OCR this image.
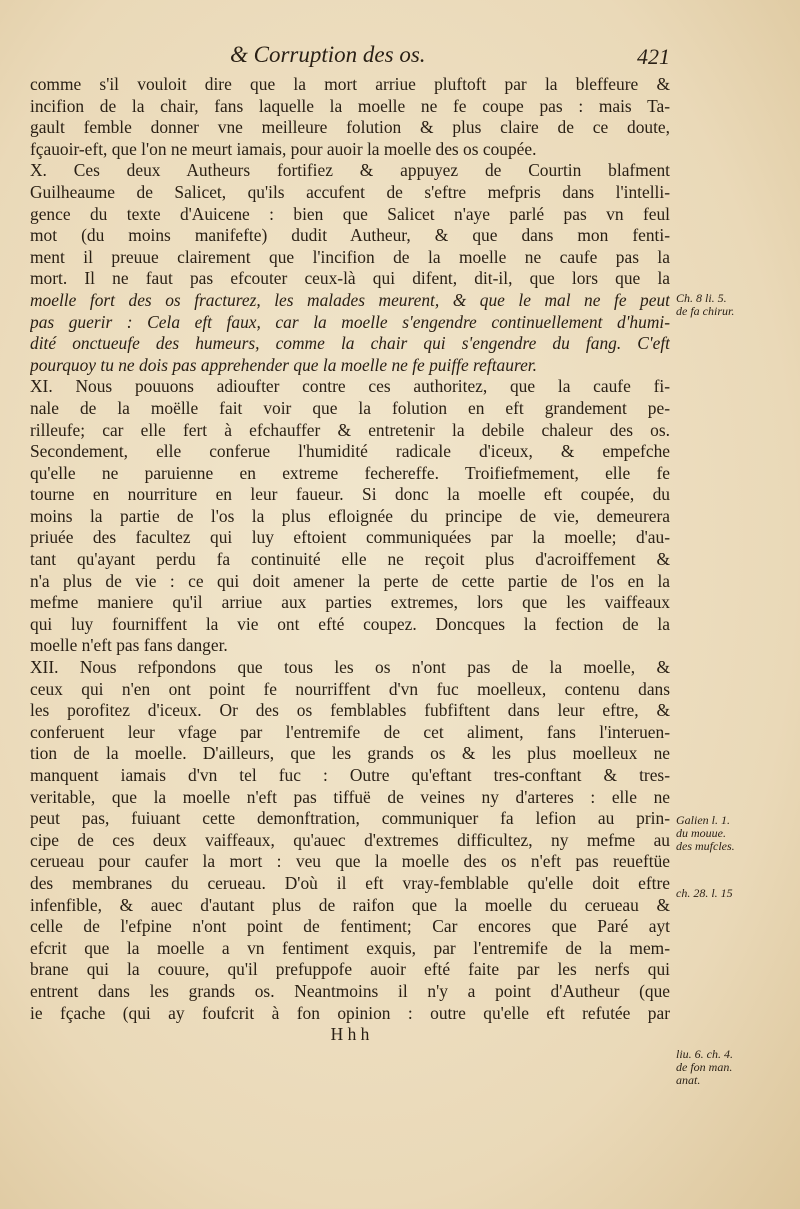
& Corruption des os.	421
comme s'il vouloit dire que la mort arriue pluftoft par la bleffeure &
incifion de la chair, fans laquelle la moelle ne fe coupe pas : mais Ta-
gault femble donner vne meilleure folution & plus claire de ce doute,
fçauoir-eft, que l'on ne meurt iamais, pour auoir la moelle des os coupée.
X. Ces deux Autheurs fortifiez & appuyez de Courtin blafment
Guilheaume de Salicet, qu'ils accufent de s'eftre mefpris dans l'intelli-
gence du texte d'Auicene : bien que Salicet n'aye parlé pas vn feul
mot (du moins manifefte) dudit Autheur, & que dans mon fenti-
ment il preuue clairement que l'incifion de la moelle ne caufe pas la
mort. Il ne faut pas efcouter ceux-là qui difent, dit-il, que lors que la
moelle fort des os fracturez, les malades meurent, & que le mal ne fe peut
pas guerir : Cela eft faux, car la moelle s'engendre continuellement d'humi-
dité onctueufe des humeurs, comme la chair qui s'engendre du fang. C'eft
pourquoy tu ne dois pas apprehender que la moelle ne fe puiffe reftaurer.
XI. Nous pouuons adioufter contre ces authoritez, que la caufe fi-
nale de la moëlle fait voir que la folution en eft grandement pe-
rilleufe; car elle fert à efchauffer & entretenir la debile chaleur des os.
Secondement, elle conferue l'humidité radicale d'iceux, & empefche
qu'elle ne paruienne en extreme fechereffe. Troifiefmement, elle fe
tourne en nourriture en leur faueur. Si donc la moelle eft coupée, du
moins la partie de l'os la plus efloignée du principe de vie, demeurera
priuée des facultez qui luy eftoient communiquées par la moelle; d'au-
tant qu'ayant perdu fa continuité elle ne reçoit plus d'acroiffement &
n'a plus de vie : ce qui doit amener la perte de cette partie de l'os en la
mefme maniere qu'il arriue aux parties extremes, lors que les vaiffeaux
qui luy fourniffent la vie ont efté coupez. Doncques la fection de la
moelle n'eft pas fans danger.
XII. Nous refpondons que tous les os n'ont pas de la moelle, &
ceux qui n'en ont point fe nourriffent d'vn fuc moelleux, contenu dans
les porofitez d'iceux. Or des os femblables fubfiftent dans leur eftre, &
conferuent leur vfage par l'entremife de cet aliment, fans l'interuen-
tion de la moelle. D'ailleurs, que les grands os & les plus moelleux ne
manquent iamais d'vn tel fuc : Outre qu'eftant tres-conftant & tres-
veritable, que la moelle n'eft pas tiffuë de veines ny d'arteres : elle ne
peut pas, fuiuant cette demonftration, communiquer fa lefion au prin-
cipe de ces deux vaiffeaux, qu'auec d'extremes difficultez, ny mefme au
cerueau pour caufer la mort : veu que la moelle des os n'eft pas reueftüe
des membranes du cerueau. D'où il eft vray-femblable qu'elle doit eftre
infenfible, & auec d'autant plus de raifon que la moelle du cerueau &
celle de l'efpine n'ont point de fentiment; Car encores que Paré ayt
efcrit que la moelle a vn fentiment exquis, par l'entremife de la mem-
brane qui la couure, qu'il prefuppofe auoir efté faite par les nerfs qui
entrent dans les grands os. Neantmoins il n'y a point d'Autheur (que
ie fçache (qui ay foufcrit à fon opinion : outre qu'elle eft refutée par
H h h
Ch. 8 li. 5.
de fa chirur.
Galien l. 1.
du mouue.
des mufcles.
ch. 28. l. 15
liu. 6. ch. 4.
de fon man.
anat.
